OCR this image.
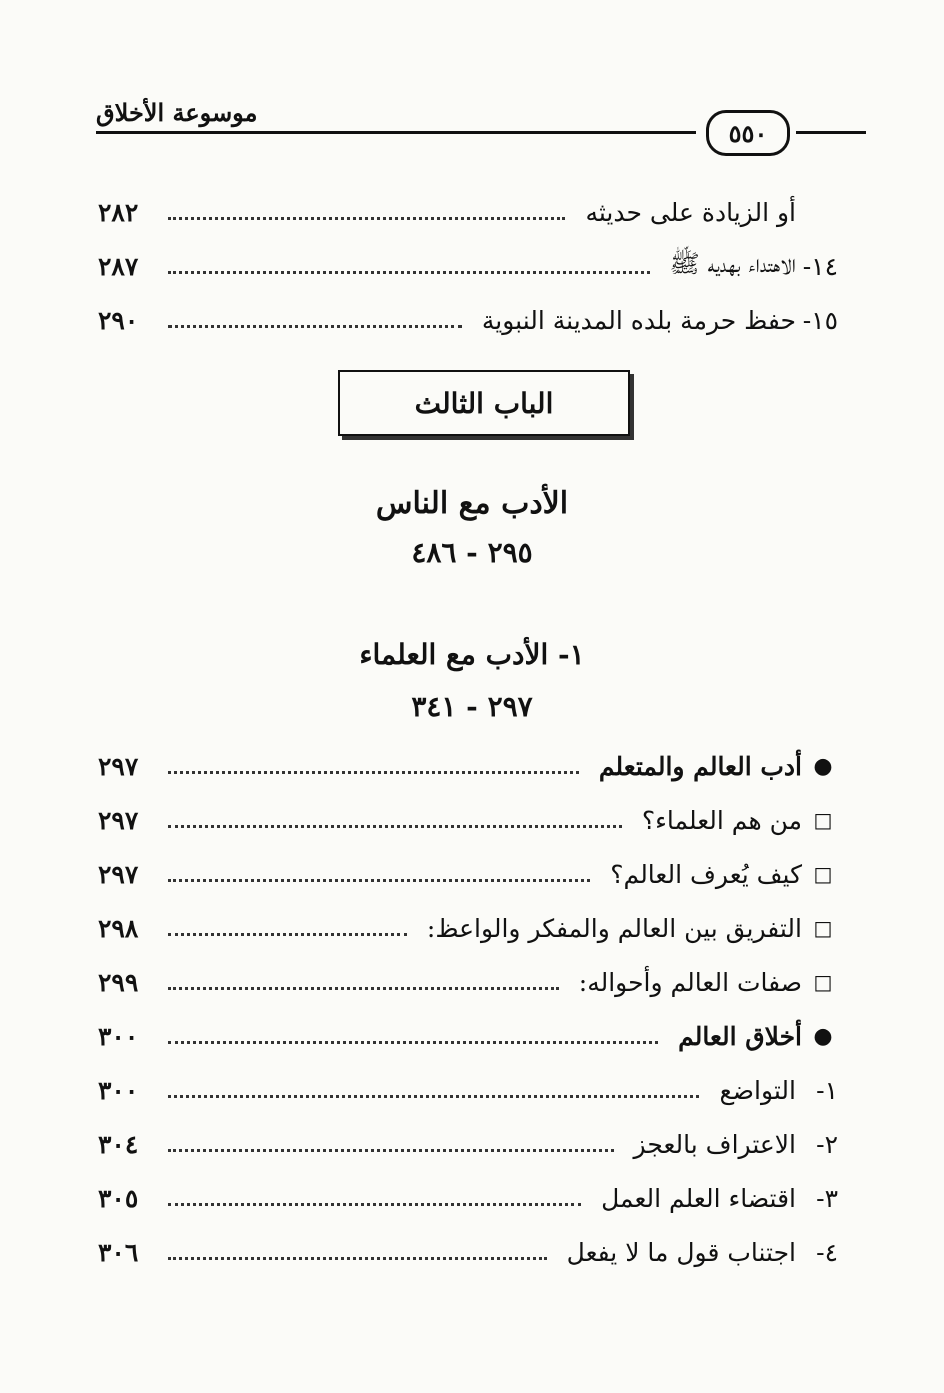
موسوعة الأخلاق
٥٥٠
أو الزيادة على حديثه
٢٨٢
١٤-
الاهتداء بهديه ﷺ
٢٨٧
١٥-
حفظ حرمة بلده المدينة النبوية
٢٩٠
الباب الثالث
الأدب مع الناس
٢٩٥ - ٤٨٦
١- الأدب مع العلماء
٢٩٧ - ٣٤١
●
أدب العالم والمتعلم
٢٩٧
□
من هم العلماء؟
٢٩٧
□
كيف يُعرف العالم؟
٢٩٧
□
التفريق بين العالم والمفكر والواعظ:
٢٩٨
□
صفات العالم وأحواله:
٢٩٩
●
أخلاق العالم
٣٠٠
١-
التواضع
٣٠٠
٢-
الاعتراف بالعجز
٣٠٤
٣-
اقتضاء العلم العمل
٣٠٥
٤-
اجتناب قول ما لا يفعل
٣٠٦
